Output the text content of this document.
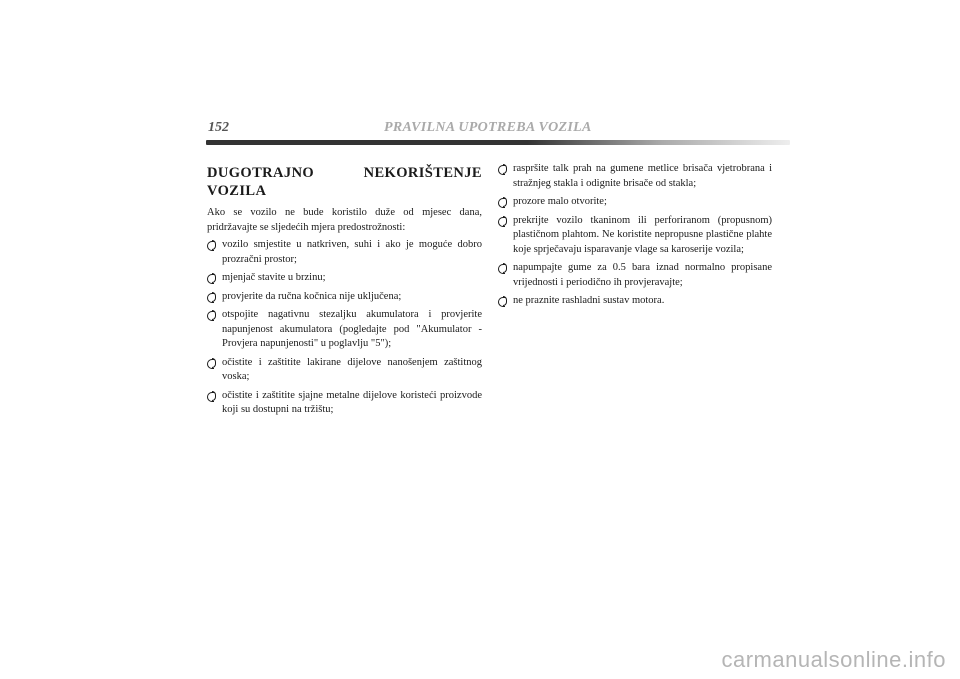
152	PRAVILNA UPOTREBA VOZILA
DUGOTRAJNO NEKORIŠTENJE VOZILA
Ako se vozilo ne bude koristilo duže od mjesec dana, pridržavajte se sljedećih mjera predostrožnosti:
vozilo smjestite u natkriven, suhi i ako je moguće dobro prozračni prostor;
mjenjač stavite u brzinu;
provjerite da ručna kočnica nije uključena;
otspojite nagativnu stezaljku akumulatora i provjerite napunjenost akumulatora (pogledajte pod "Akumulator - Provjera napunjenosti" u poglavlju "5");
očistite i zaštitite lakirane dijelove nanošenjem zaštitnog voska;
očistite i zaštitite sjajne metalne dijelove koristeći proizvode koji su dostupni na tržištu;
raspršite talk prah na gumene metlice brisača vjetrobrana i stražnjeg stakla i odignite brisače od stakla;
prozore malo otvorite;
prekrijte vozilo tkaninom ili perforiranom (propusnom) plastičnom plahtom. Ne koristite nepropusne plastične plahte koje sprječavaju isparavanje vlage sa karoserije vozila;
napumpajte gume za 0.5 bara iznad normalno propisane vrijednosti i periodično ih provjeravajte;
ne praznite rashladni sustav motora.
carmanualsonline.info
